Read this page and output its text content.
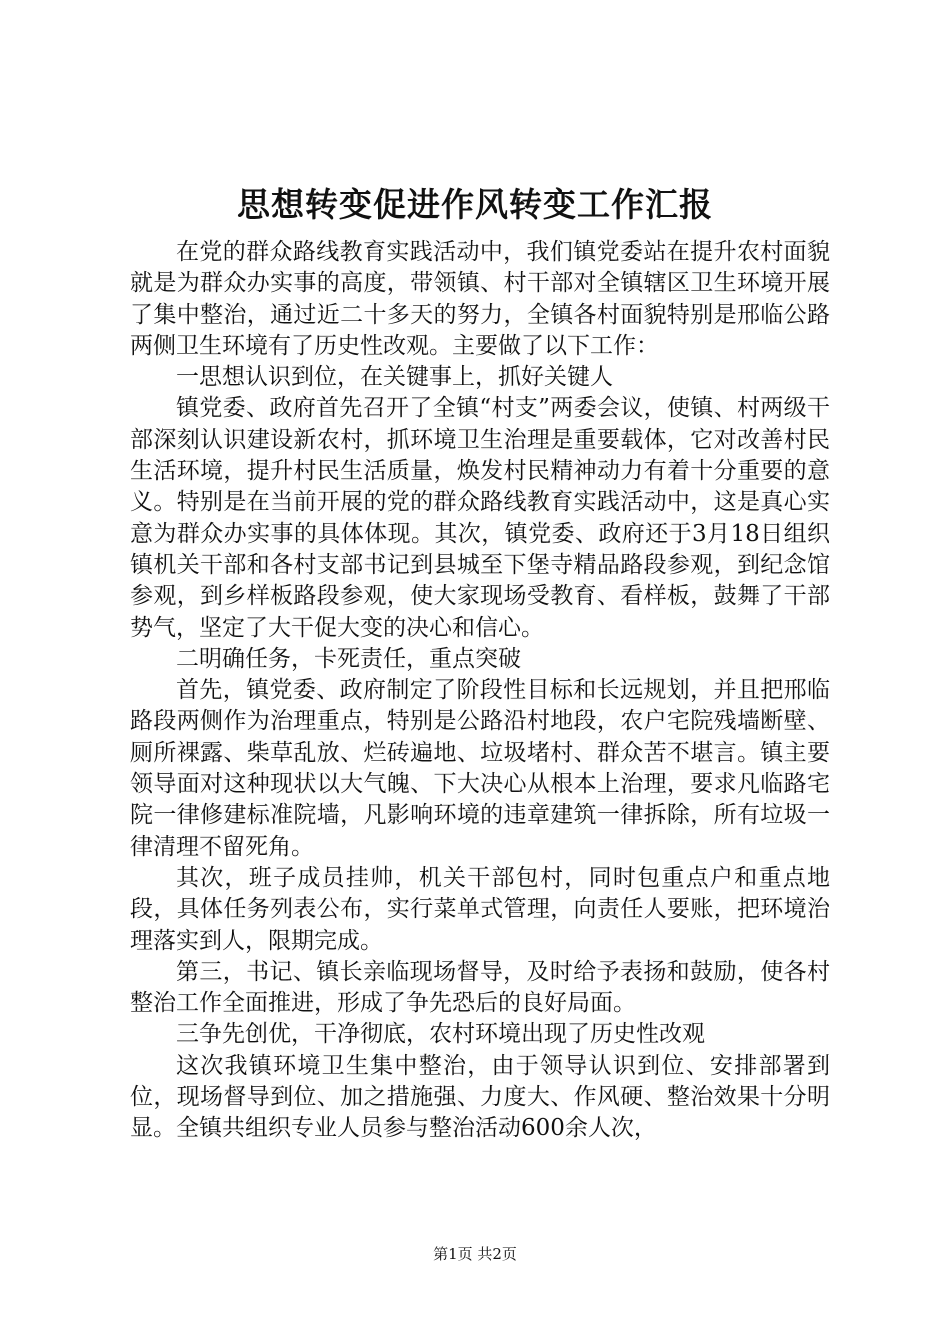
思想转变促进作风转变工作汇报

在党的群众路线教育实践活动中，我们镇党委站在提升农村面貌就是为群众办实事的高度，带领镇、村干部对全镇辖区卫生环境开展了集中整治，通过近二十多天的努力，全镇各村面貌特别是邢临公路两侧卫生环境有了历史性改观。主要做了以下工作：

一思想认识到位，在关键事上，抓好关键人

镇党委、政府首先召开了全镇“村支”两委会议，使镇、村两级干部深刻认识建设新农村，抓环境卫生治理是重要载体，它对改善村民生活环境，提升村民生活质量，焕发村民精神动力有着十分重要的意义。特别是在当前开展的党的群众路线教育实践活动中，这是真心实意为群众办实事的具体体现。其次，镇党委、政府还于3月18日组织镇机关干部和各村支部书记到县城至下堡寺精品路段参观，到纪念馆参观，到乡样板路段参观，使大家现场受教育、看样板，鼓舞了干部势气，坚定了大干促大变的决心和信心。

二明确任务，卡死责任，重点突破

首先，镇党委、政府制定了阶段性目标和长远规划，并且把邢临路段两侧作为治理重点，特别是公路沿村地段，农户宅院残墙断壁、厕所裸露、柴草乱放、烂砖遍地、垃圾堵村、群众苦不堪言。镇主要领导面对这种现状以大气魄、下大决心从根本上治理，要求凡临路宅院一律修建标准院墙，凡影响环境的违章建筑一律拆除，所有垃圾一律清理不留死角。

其次，班子成员挂帅，机关干部包村，同时包重点户和重点地段，具体任务列表公布，实行菜单式管理，向责任人要账，把环境治理落实到人，限期完成。

第三，书记、镇长亲临现场督导，及时给予表扬和鼓励，使各村整治工作全面推进，形成了争先恐后的良好局面。

三争先创优，干净彻底，农村环境出现了历史性改观

这次我镇环境卫生集中整治，由于领导认识到位、安排部署到位，现场督导到位、加之措施强、力度大、作风硬、整治效果十分明显。全镇共组织专业人员参与整治活动600余人次，

第1页 共2页
